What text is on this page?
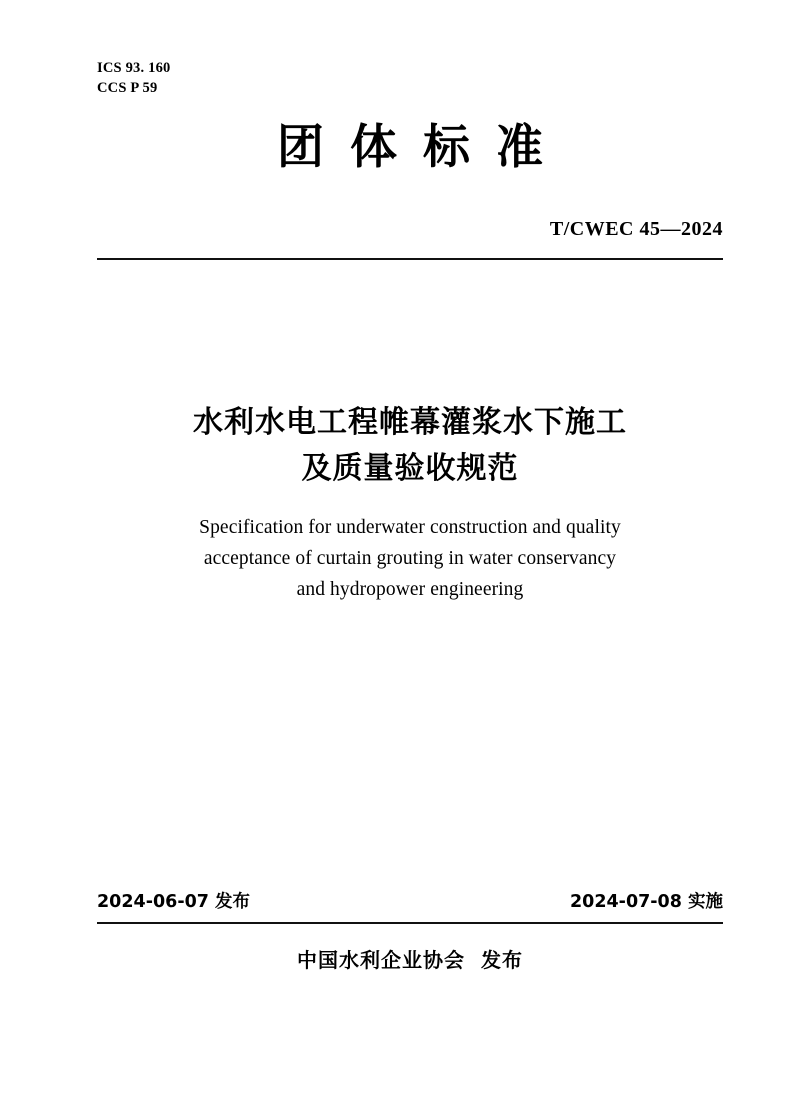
ICS 93. 160
CCS P 59
团体标准
T/CWEC 45—2024
水利水电工程帷幕灌浆水下施工
及质量验收规范
Specification for underwater construction and quality
acceptance of curtain grouting in water conservancy
and hydropower engineering
2024-06-07 发布	2024-07-08 实施
中国水利企业协会  发布
